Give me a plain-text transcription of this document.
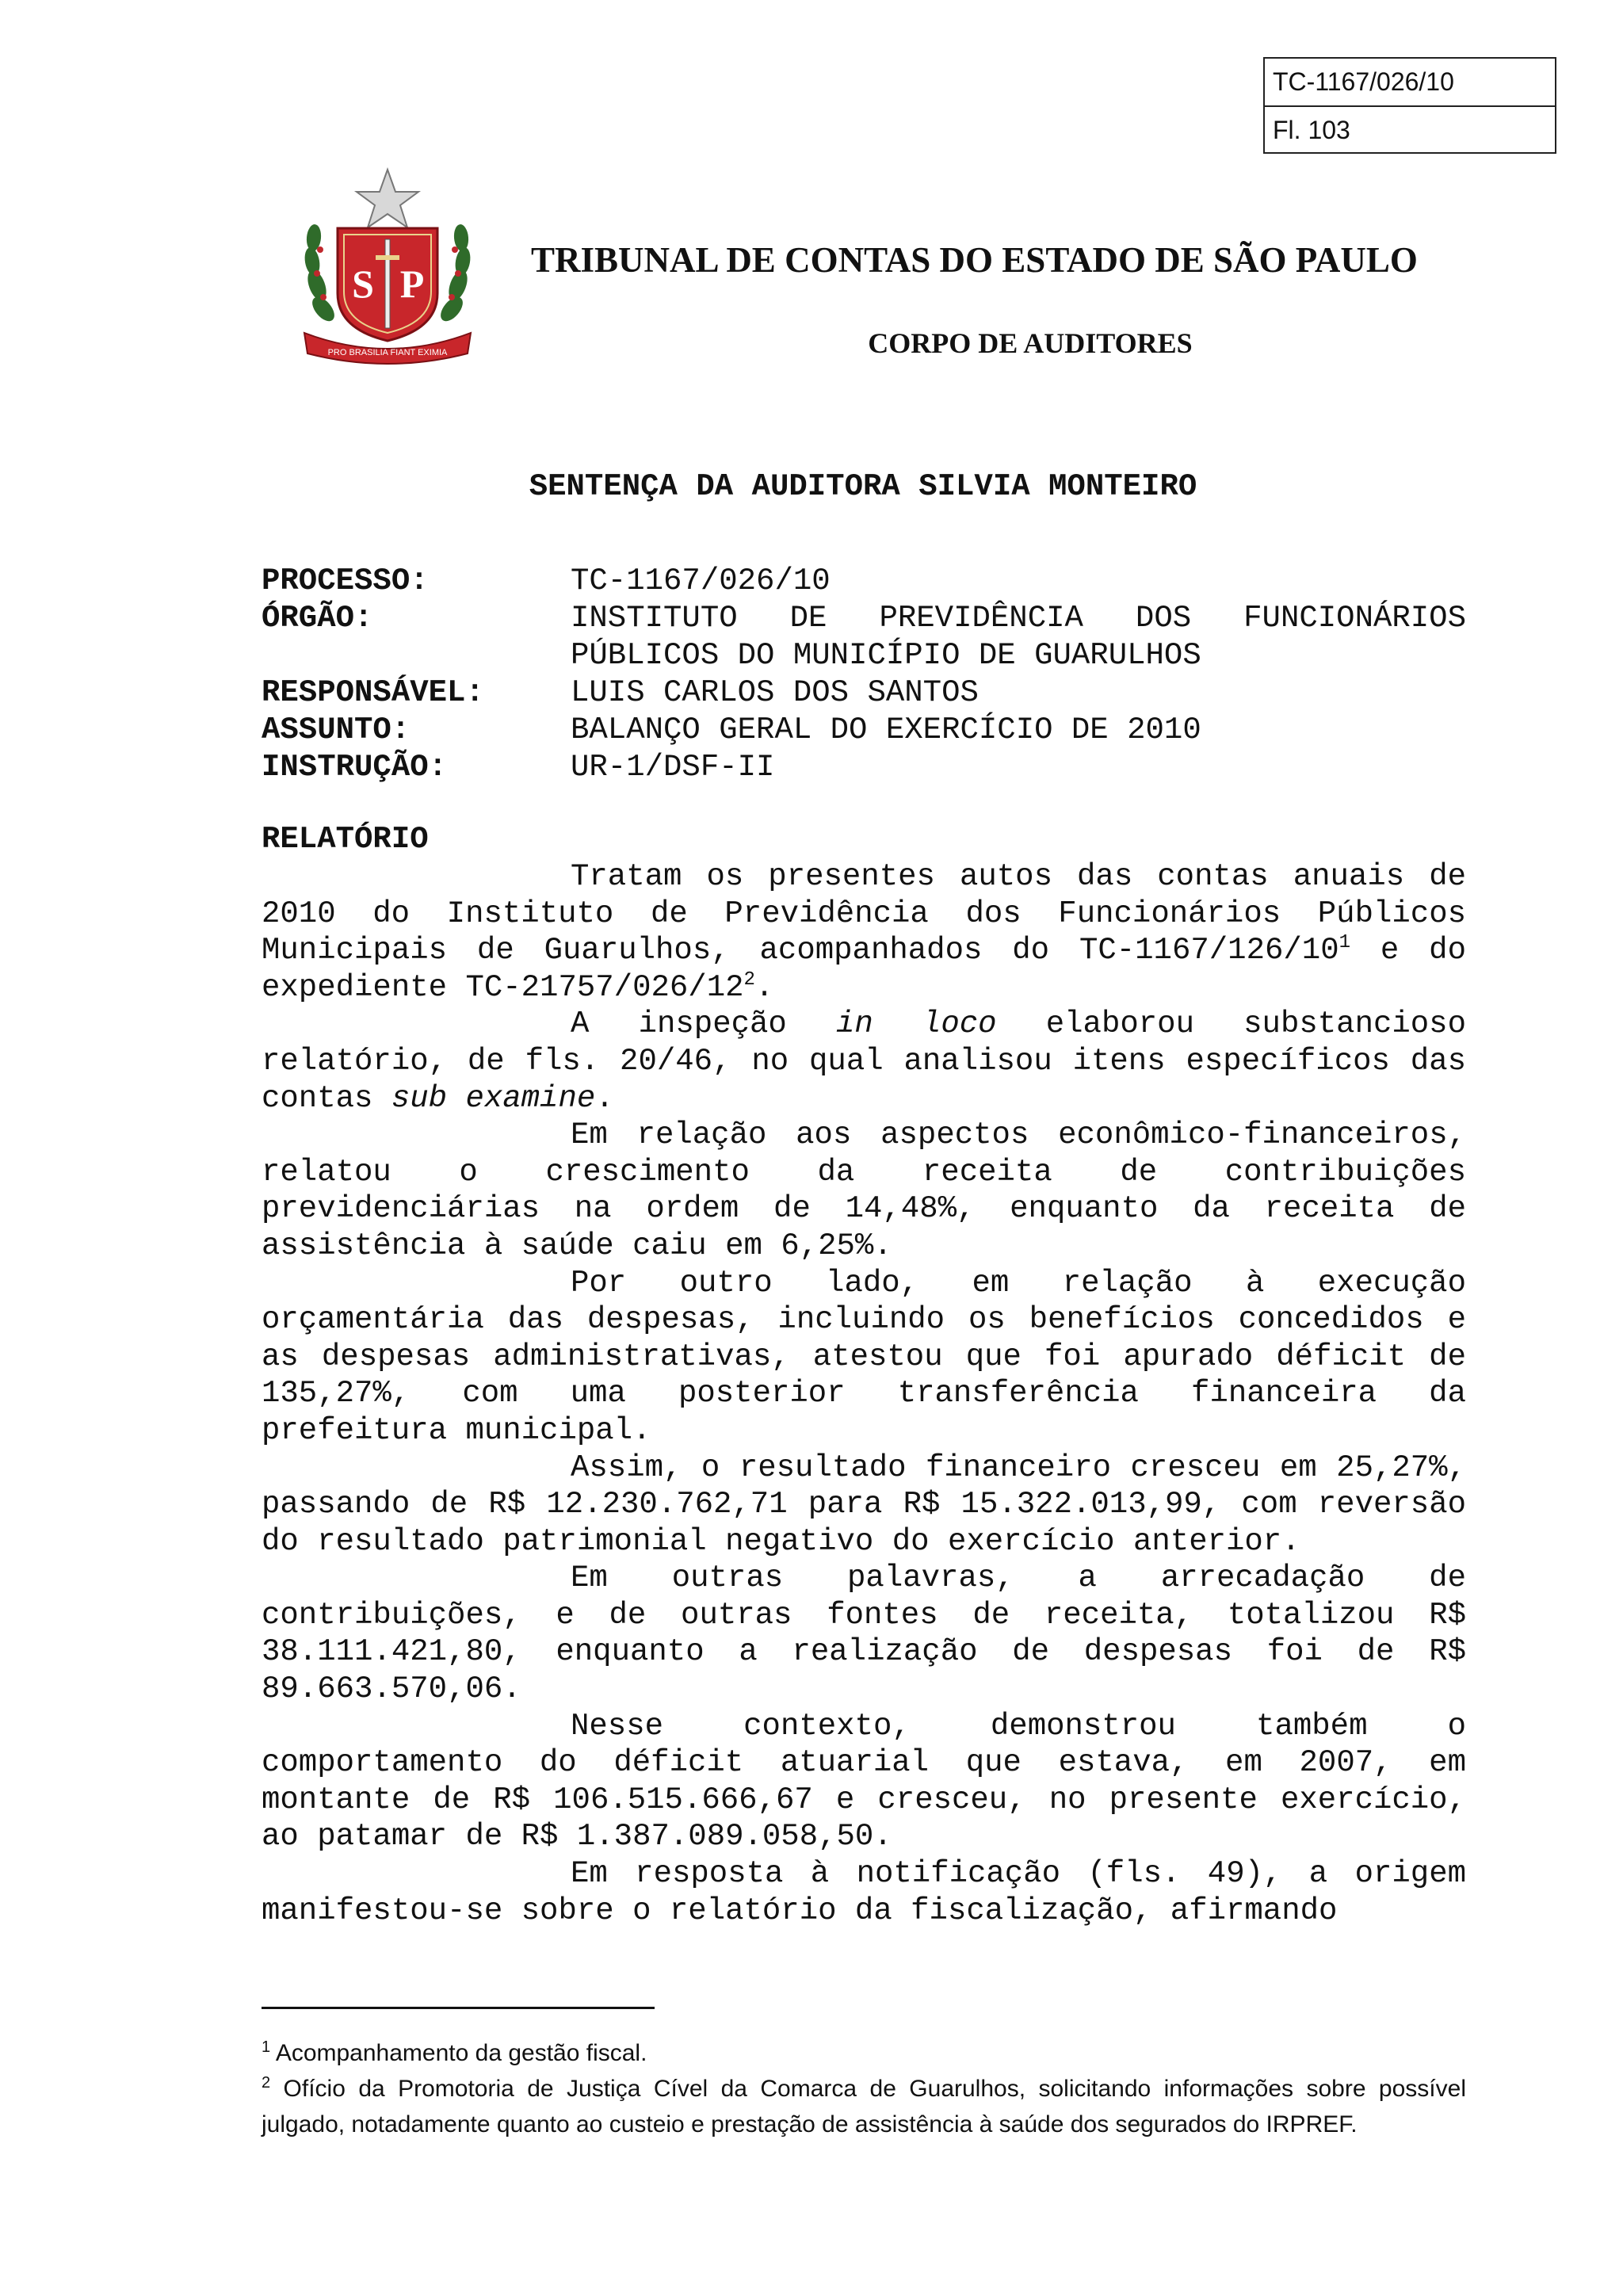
TC-1167/026/10
Fl. 103
S P
PRO BRASILIA FIANT EXIMIA
TRIBUNAL DE CONTAS DO ESTADO DE SÃO PAULO
CORPO DE AUDITORES
SENTENÇA DA AUDITORA SILVIA MONTEIRO
PROCESSO:	TC-1167/026/10
ÓRGÃO:	INSTITUTO DE PREVIDÊNCIA DOS FUNCIONÁRIOS PÚBLICOS DO MUNICÍPIO DE GUARULHOS
RESPONSÁVEL:	LUIS CARLOS DOS SANTOS
ASSUNTO:	BALANÇO GERAL DO EXERCÍCIO DE 2010
INSTRUÇÃO:	UR-1/DSF-II
RELATÓRIO

Tratam os presentes autos das contas anuais de 2010 do Instituto de Previdência dos Funcionários Públicos Municipais de Guarulhos, acompanhados do $TC-1167/126/10^1$ e do expediente $TC-21757/026/12^2$.

A inspeção in loco elaborou substancioso relatório, de fls. 20/46, no qual analisou itens específicos das contas sub examine.

Em relação aos aspectos econômico-financeiros, relatou o crescimento da receita de contribuições previdenciárias na ordem de 14,48%, enquanto da receita de assistência à saúde caiu em 6,25%.

Por outro lado, em relação à execução orçamentária das despesas, incluindo os benefícios concedidos e as despesas administrativas, atestou que foi apurado déficit de 135,27%, com uma posterior transferência financeira da prefeitura municipal.

Assim, o resultado financeiro cresceu em 25,27%, passando de R$ 12.230.762,71 para R$ 15.322.013,99, com reversão do resultado patrimonial negativo do exercício anterior.

Em outras palavras, a arrecadação de contribuições, e de outras fontes de receita, totalizou R$ 38.111.421,80, enquanto a realização de despesas foi de R$ 89.663.570,06.

Nesse contexto, demonstrou também o comportamento do déficit atuarial que estava, em 2007, em montante de R$ 106.515.666,67 e cresceu, no presente exercício, ao patamar de R$ 1.387.089.058,50.

Em resposta à notificação (fls. 49), a origem manifestou-se sobre o relatório da fiscalização, afirmando

$^1$ Acompanhamento da gestão fiscal.

$^2$ Ofício da Promotoria de Justiça Cível da Comarca de Guarulhos, solicitando informações sobre possível julgado, notadamente quanto ao custeio e prestação de assistência à saúde dos segurados do IRPREF.
